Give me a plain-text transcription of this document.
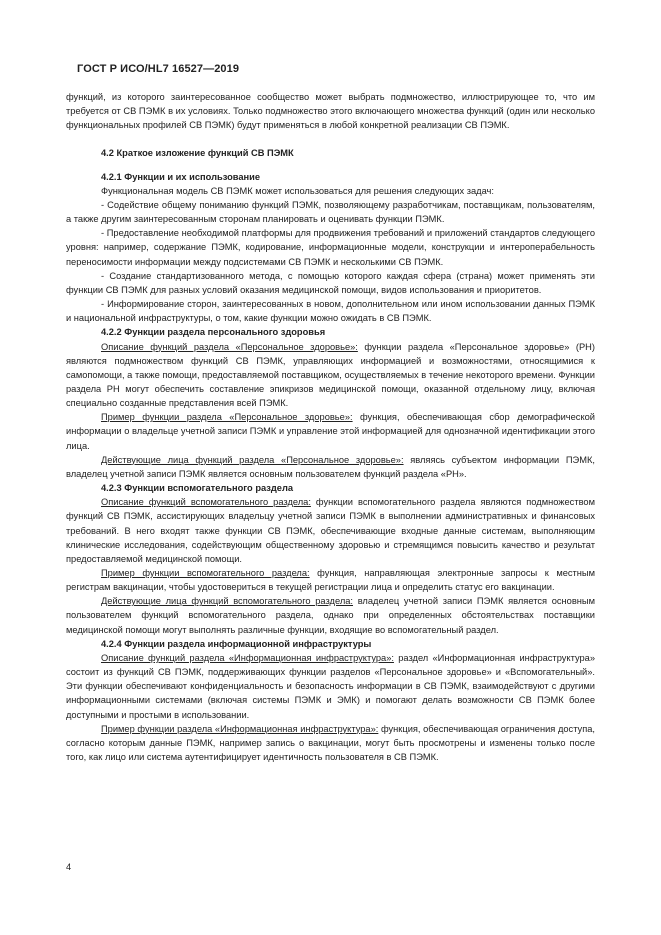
ГОСТ Р ИСО/HL7 16527—2019

функций, из которого заинтересованное сообщество может выбрать подмножество, иллюстрирующее то, что им требуется от СВ ПЭМК в их условиях. Только подмножество этого включающего множества функций (один или несколько функциональных профилей СВ ПЭМК) будут применяться в любой конкретной реализации СВ ПЭМК.

4.2 Краткое изложение функций СВ ПЭМК

4.2.1 Функции и их использование

Функциональная модель СВ ПЭМК может использоваться для решения следующих задач:

- Содействие общему пониманию функций ПЭМК, позволяющему разработчикам, поставщикам, пользователям, а также другим заинтересованным сторонам планировать и оценивать функции ПЭМК.

- Предоставление необходимой платформы для продвижения требований и приложений стандартов следующего уровня: например, содержание ПЭМК, кодирование, информационные модели, конструкции и интероперабельность переносимости информации между подсистемами СВ ПЭМК и несколькими СВ ПЭМК.

- Создание стандартизованного метода, с помощью которого каждая сфера (страна) может применять эти функции СВ ПЭМК для разных условий оказания медицинской помощи, видов использования и приоритетов.

- Информирование сторон, заинтересованных в новом, дополнительном или ином использовании данных ПЭМК и национальной инфраструктуры, о том, какие функции можно ожидать в СВ ПЭМК.

4.2.2 Функции раздела персонального здоровья

Описание функций раздела «Персональное здоровье»: функции раздела «Персональное здоровье» (PH) являются подмножеством функций СВ ПЭМК, управляющих информацией и возможностями, относящимися к самопомощи, а также помощи, предоставляемой поставщиком, осуществляемых в течение некоторого времени. Функции раздела PH могут обеспечить составление эпикризов медицинской помощи, оказанной отдельному лицу, включая специально созданные представления всей ПЭМК.

Пример функции раздела «Персональное здоровье»: функция, обеспечивающая сбор демографической информации о владельце учетной записи ПЭМК и управление этой информацией для однозначной идентификации этого лица.

Действующие лица функций раздела «Персональное здоровье»: являясь субъектом информации ПЭМК, владелец учетной записи ПЭМК является основным пользователем функций раздела «PH».

4.2.3 Функции вспомогательного раздела

Описание функций вспомогательного раздела: функции вспомогательного раздела являются подмножеством функций СВ ПЭМК, ассистирующих владельцу учетной записи ПЭМК в выполнении административных и финансовых требований. В него входят также функции СВ ПЭМК, обеспечивающие входные данные системам, выполняющим клинические исследования, содействующим общественному здоровью и стремящимся повысить качество и результат предоставляемой медицинской помощи.

Пример функции вспомогательного раздела: функция, направляющая электронные запросы к местным регистрам вакцинации, чтобы удостовериться в текущей регистрации лица и определить статус его вакцинации.

Действующие лица функций вспомогательного раздела: владелец учетной записи ПЭМК является основным пользователем функций вспомогательного раздела, однако при определенных обстоятельствах поставщики медицинской помощи могут выполнять различные функции, входящие во вспомогательный раздел.

4.2.4 Функции раздела информационной инфраструктуры

Описание функций раздела «Информационная инфраструктура»: раздел «Информационная инфраструктура» состоит из функций СВ ПЭМК, поддерживающих функции разделов «Персональное здоровье» и «Вспомогательный». Эти функции обеспечивают конфиденциальность и безопасность информации в СВ ПЭМК, взаимодействуют с другими информационными системами (включая системы ПЭМК и ЭМК) и помогают делать возможности СВ ПЭМК более доступными и простыми в использовании.

Пример функции раздела «Информационная инфраструктура»: функция, обеспечивающая ограничения доступа, согласно которым данные ПЭМК, например запись о вакцинации, могут быть просмотрены и изменены только после того, как лицо или система аутентифицирует идентичность пользователя в СВ ПЭМК.

4
